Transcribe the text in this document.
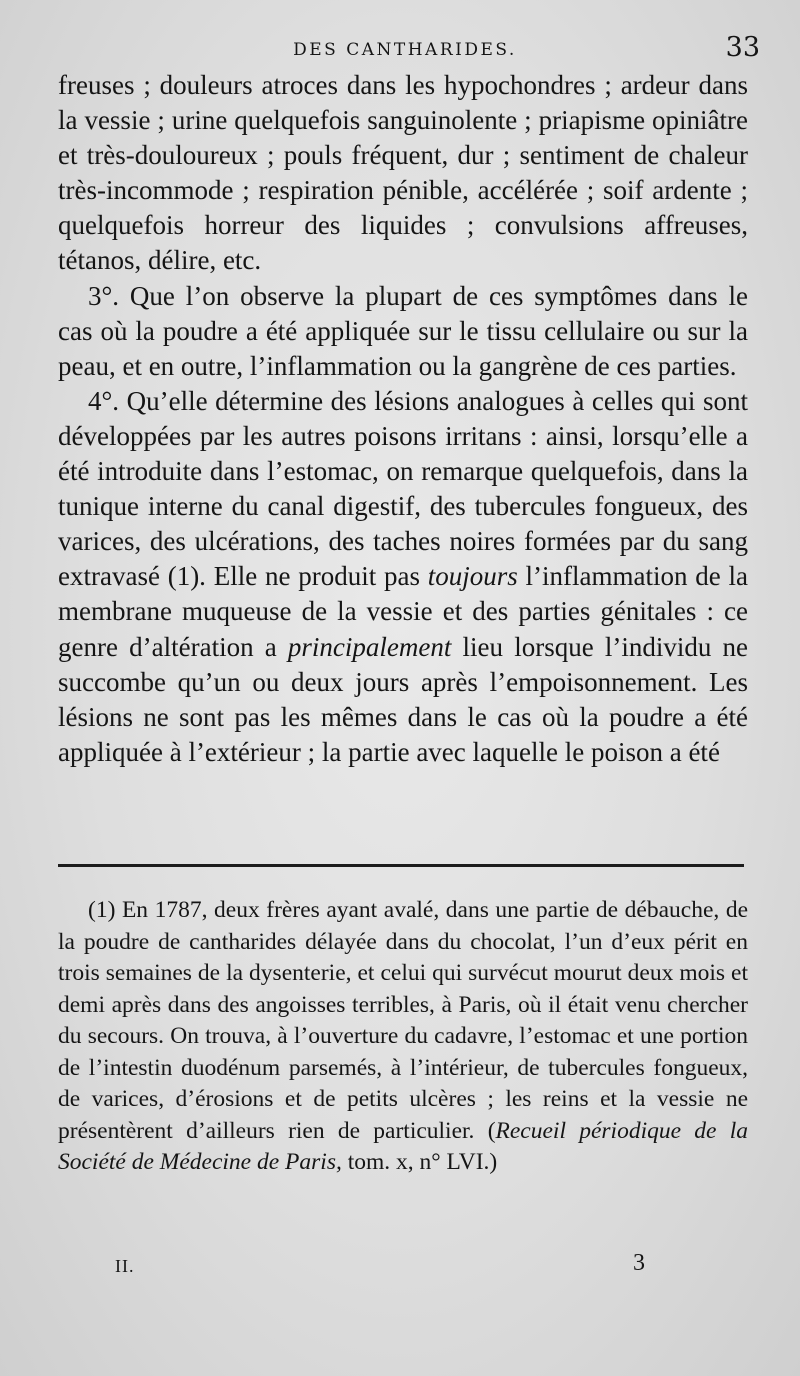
DES CANTHARIDES.	33

freuses ; douleurs atroces dans les hypochondres ; ardeur dans la vessie ; urine quelquefois sanguinolente ; priapisme opiniâtre et très-douloureux ; pouls fréquent, dur ; sentiment de chaleur très-incommode ; respiration pénible, accélérée ; soif ardente ; quelquefois horreur des liquides ; convulsions affreuses, tétanos, délire, etc.

3°. Que l’on observe la plupart de ces symptômes dans le cas où la poudre a été appliquée sur le tissu cellulaire ou sur la peau, et en outre, l’inflammation ou la gangrène de ces parties.

4°. Qu’elle détermine des lésions analogues à celles qui sont développées par les autres poisons irritans : ainsi, lorsqu’elle a été introduite dans l’estomac, on remarque quelquefois, dans la tunique interne du canal digestif, des tubercules fongueux, des varices, des ulcérations, des taches noires formées par du sang extravasé (1). Elle ne produit pas toujours l’inflammation de la membrane muqueuse de la vessie et des parties génitales : ce genre d’altération a principalement lieu lorsque l’individu ne succombe qu’un ou deux jours après l’empoisonnement. Les lésions ne sont pas les mêmes dans le cas où la poudre a été appliquée à l’extérieur ; la partie avec laquelle le poison a été

(1) En 1787, deux frères ayant avalé, dans une partie de débauche, de la poudre de cantharides délayée dans du chocolat, l’un d’eux périt en trois semaines de la dysenterie, et celui qui survécut mourut deux mois et demi après dans des angoisses terribles, à Paris, où il était venu chercher du secours. On trouva, à l’ouverture du cadavre, l’estomac et une portion de l’intestin duodénum parsemés, à l’intérieur, de tubercules fongueux, de varices, d’érosions et de petits ulcères ; les reins et la vessie ne présentèrent d’ailleurs rien de particulier. (Recueil périodique de la Société de Médecine de Paris, tom. x, n° LVI.)

II.	3
